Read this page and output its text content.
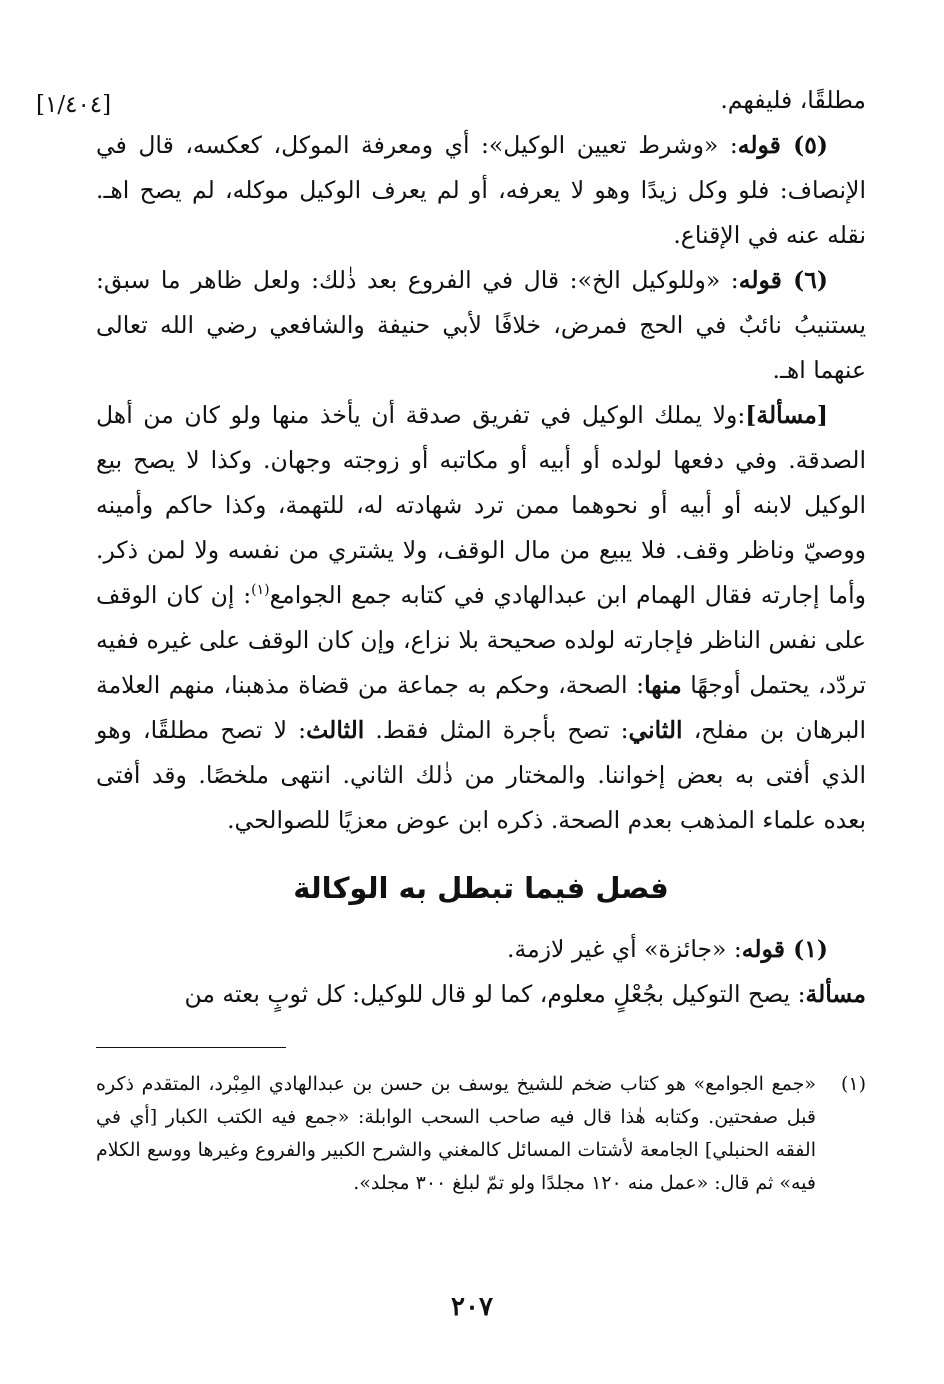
[١/٤٠٤]	مطلقًا، فليفهم.

(٥) قوله: «وشرط تعيين الوكيل»: أي ومعرفة الموكل، كعكسه، قال في الإنصاف: فلو وكل زيدًا وهو لا يعرفه، أو لم يعرف الوكيل موكله، لم يصح اهـ. نقله عنه في الإقناع.

(٦) قوله: «وللوكيل الخ»: قال في الفروع بعد ذٰلك: ولعل ظاهر ما سبق: يستنيبُ نائبٌ في الحج فمرض، خلافًا لأبي حنيفة والشافعي رضي الله تعالى عنهما اهـ.

[مسألة]:ولا يملك الوكيل في تفريق صدقة أن يأخذ منها ولو كان من أهل الصدقة. وفي دفعها لولده أو أبيه أو مكاتبه أو زوجته وجهان. وكذا لا يصح بيع الوكيل لابنه أو أبيه أو نحوهما ممن ترد شهادته له، للتهمة، وكذا حاكم وأمينه ووصيّ وناظر وقف. فلا يبيع من مال الوقف، ولا يشتري من نفسه ولا لمن ذكر. وأما إجارته فقال الهمام ابن عبدالهادي في كتابه جمع الجوامع$^{(١)}$: إن كان الوقف على نفس الناظر فإجارته لولده صحيحة بلا نزاع، وإن كان الوقف على غيره ففيه تردّد، يحتمل أوجهًا منها: الصحة، وحكم به جماعة من قضاة مذهبنا، منهم العلامة البرهان بن مفلح، الثاني: تصح بأجرة المثل فقط. الثالث: لا تصح مطلقًا، وهو الذي أفتى به بعض إخواننا. والمختار من ذٰلك الثاني. انتهى ملخصًا. وقد أفتى بعده علماء المذهب بعدم الصحة. ذكره ابن عوض معزيًا للصوالحي.

فصل فيما تبطل به الوكالة

(١) قوله: «جائزة» أي غير لازمة.

مسألة: يصح التوكيل بجُعْلٍ معلوم، كما لو قال للوكيل: كل ثوبٍ بعته من

(١)
«جمع الجوامع» هو كتاب ضخم للشيخ يوسف بن حسن بن عبدالهادي المِبْرد، المتقدم ذكره قبل صفحتين. وكتابه هٰذا قال فيه صاحب السحب الوابلة: «جمع فيه الكتب الكبار [أي في الفقه الحنبلي] الجامعة لأشتات المسائل كالمغني والشرح الكبير والفروع وغيرها ووسع الكلام فيه» ثم قال: «عمل منه ١٢٠ مجلدًا ولو تمّ لبلغ ٣٠٠ مجلد».
٢٠٧
